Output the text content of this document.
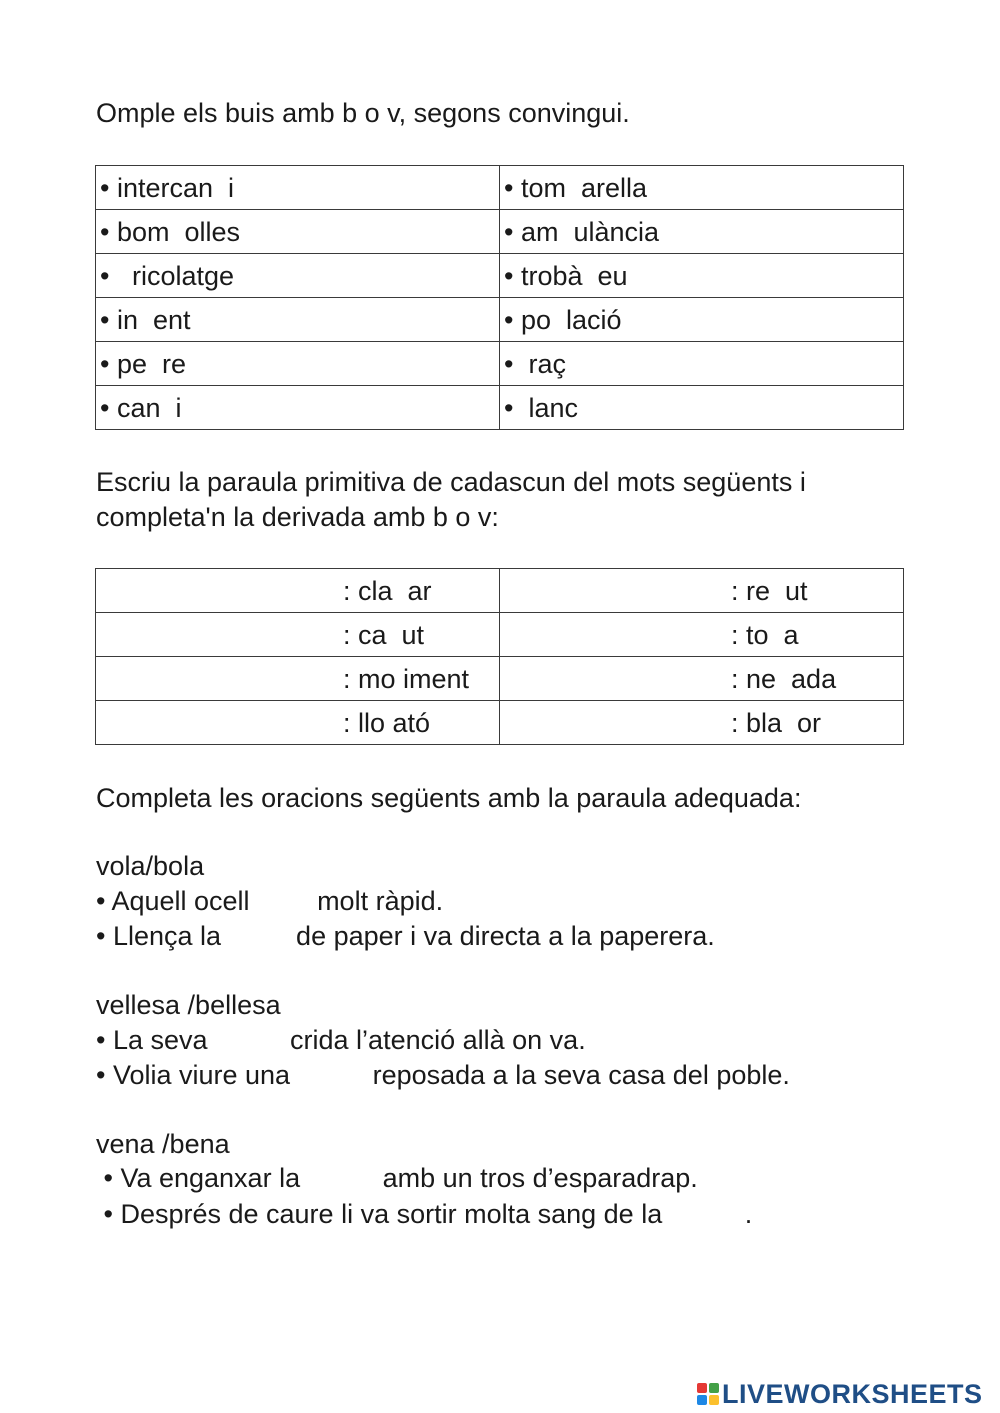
Omple els buis amb b o v, segons convingui.

• intercan  i	• tom  arella
• bom  olles	• am  ulància
•   ricolatge	• trobà  eu
• in  ent	• po  lació
• pe  re	•  raç
• can  i	•  lanc

Escriu la paraula primitiva de cadascun del mots següents i

completa'n la derivada amb b o v:

: cla  ar	: re  ut
: ca  ut	: to  a
: mo iment	: ne  ada
: llo ató	: bla  or

Completa les oracions següents amb la paraula adequada:

vola/bola

• Aquell ocell         molt ràpid.

• Llença la          de paper i va directa a la paperera.

vellesa /bellesa

• La seva           crida l’atenció allà on va.

• Volia viure una           reposada a la seva casa del poble.

vena /bena

• Va enganxar la           amb un tros d’esparadrap.

• Després de caure li va sortir molta sang de la           .

LIVEWORKSHEETS
